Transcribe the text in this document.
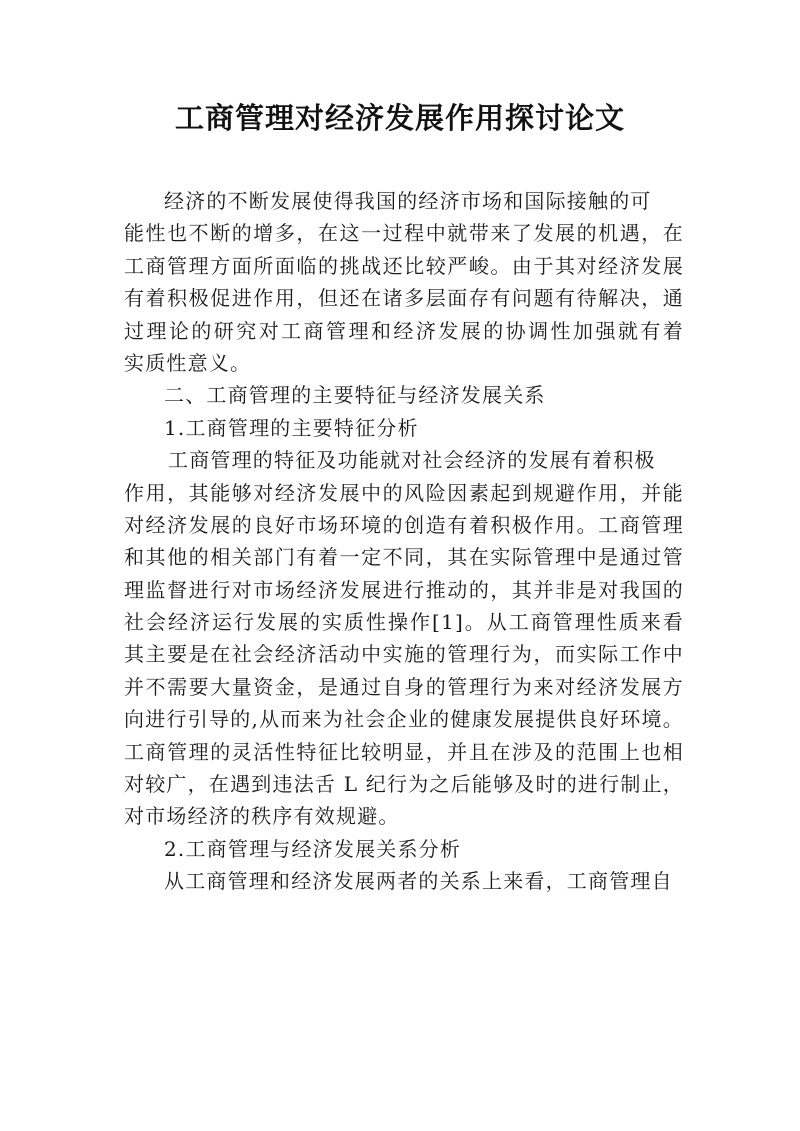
工商管理对经济发展作用探讨论文
经济的不断发展使得我国的经济市场和国际接触的可
能性也不断的增多，在这一过程中就带来了发展的机遇，在
工商管理方面所面临的挑战还比较严峻。由于其对经济发展
有着积极促进作用，但还在诸多层面存有问题有待解决，通
过理论的研究对工商管理和经济发展的协调性加强就有着
实质性意义。
二、工商管理的主要特征与经济发展关系
1.工商管理的主要特征分析
工商管理的特征及功能就对社会经济的发展有着积极
作用，其能够对经济发展中的风险因素起到规避作用，并能
对经济发展的良好市场环境的创造有着积极作用。工商管理
和其他的相关部门有着一定不同，其在实际管理中是通过管
理监督进行对市场经济发展进行推动的，其并非是对我国的
社会经济运行发展的实质性操作[1]。从工商管理性质来看
其主要是在社会经济活动中实施的管理行为，而实际工作中
并不需要大量资金，是通过自身的管理行为来对经济发展方
向进行引导的,从而来为社会企业的健康发展提供良好环境。
工商管理的灵活性特征比较明显，并且在涉及的范围上也相
对较广，在遇到违法舌 L 纪行为之后能够及时的进行制止，
对市场经济的秩序有效规避。
2.工商管理与经济发展关系分析
从工商管理和经济发展两者的关系上来看，工商管理自
